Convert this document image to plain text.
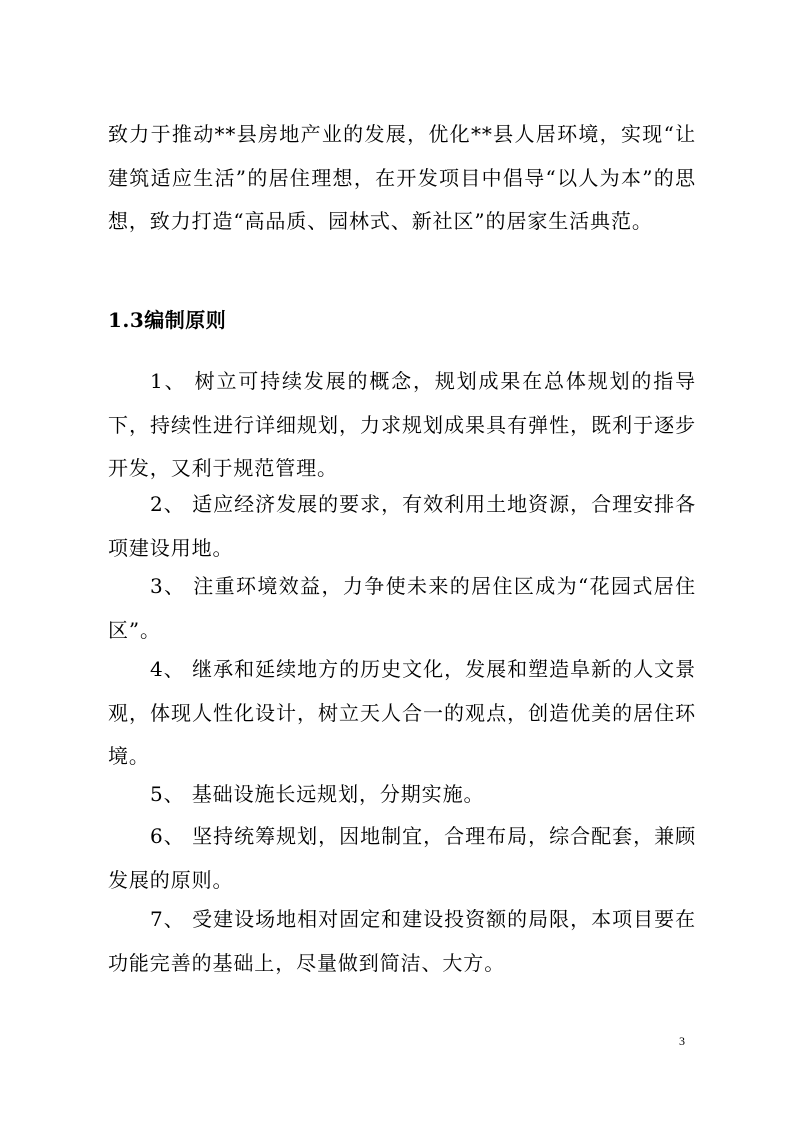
致力于推动**县房地产业的发展，优化**县人居环境，实现“让建筑适应生活”的居住理想，在开发项目中倡导“以人为本”的思想，致力打造“高品质、园林式、新社区”的居家生活典范。

1.3编制原则

1、 树立可持续发展的概念，规划成果在总体规划的指导下，持续性进行详细规划，力求规划成果具有弹性，既利于逐步开发，又利于规范管理。

2、 适应经济发展的要求，有效利用土地资源，合理安排各项建设用地。

3、 注重环境效益，力争使未来的居住区成为“花园式居住区”。

4、 继承和延续地方的历史文化，发展和塑造阜新的人文景观，体现人性化设计，树立天人合一的观点，创造优美的居住环境。

5、 基础设施长远规划，分期实施。

6、 坚持统筹规划，因地制宜，合理布局，综合配套，兼顾发展的原则。

7、 受建设场地相对固定和建设投资额的局限，本项目要在功能完善的基础上，尽量做到简洁、大方。

3
